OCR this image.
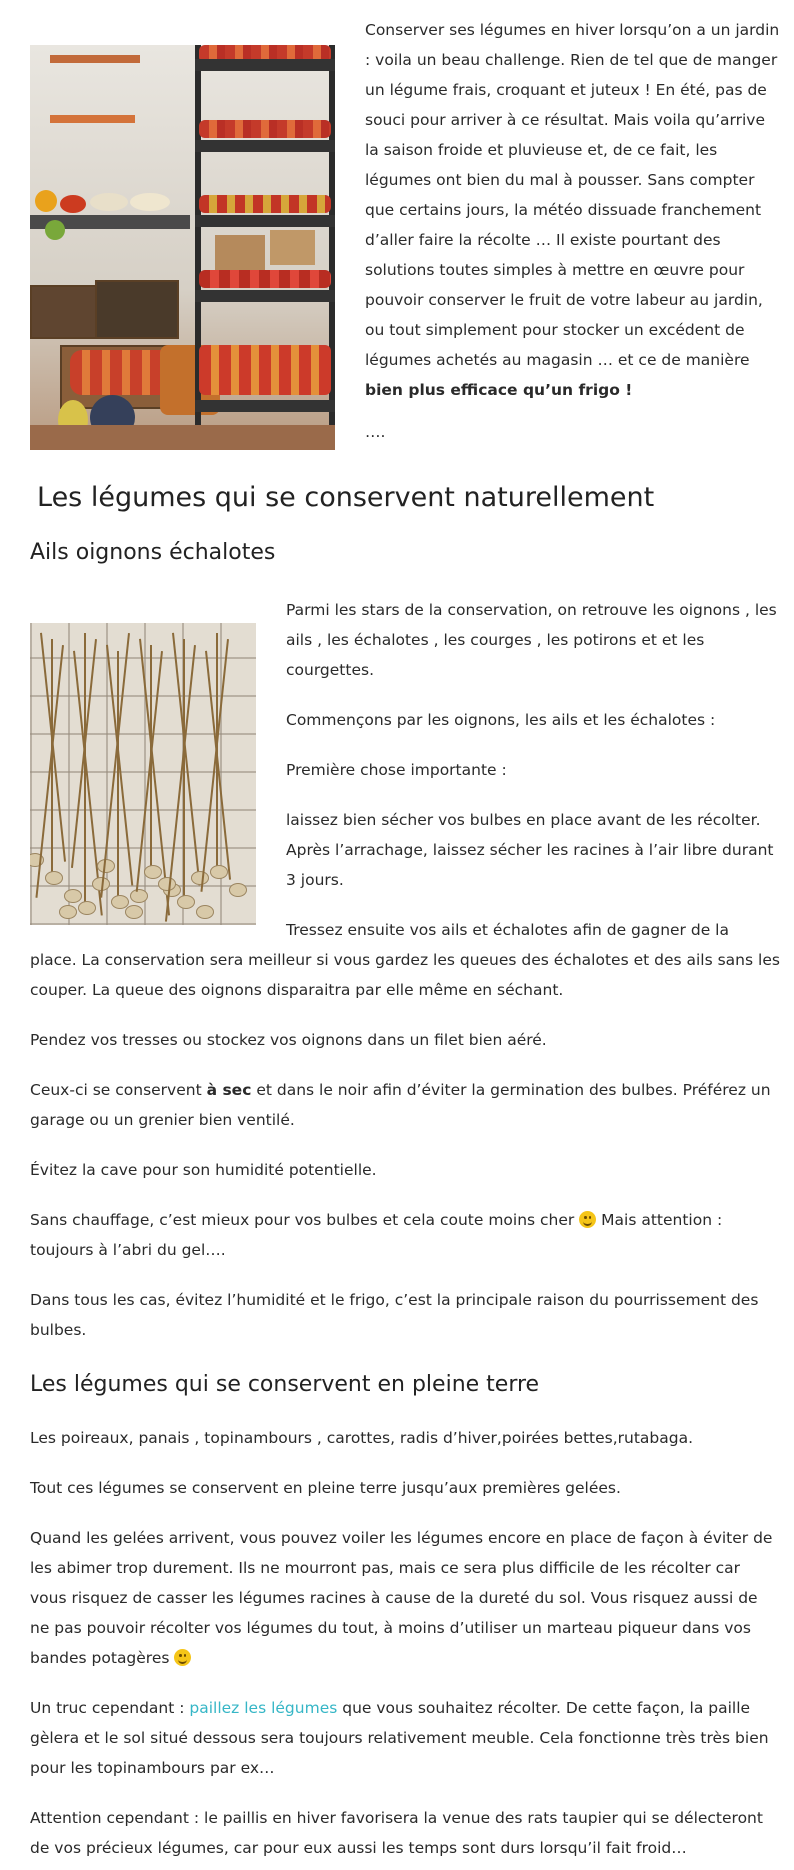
Conserver ses légumes en hiver lorsqu’on a un jardin : voila un beau challenge. Rien de tel que de manger un légume frais, croquant et juteux ! En été, pas de souci pour arriver à ce résultat. Mais voila qu’arrive la saison froide et pluvieuse et, de ce fait, les légumes ont bien du mal à pousser. Sans compter que certains jours, la météo dissuade franchement d’aller faire la récolte … Il existe pourtant des solutions toutes simples à mettre en œuvre pour pouvoir conserver le fruit de votre labeur au jardin, ou tout simplement pour stocker un excédent de légumes achetés au magasin … et ce de manière bien plus efficace qu’un frigo !

….

Les légumes qui se conservent naturellement
Ails oignons échalotes

Parmi les stars de la conservation, on retrouve les oignons , les ails , les échalotes , les courges , les potirons et et les courgettes.

Commençons par les oignons, les ails et les échalotes :

Première chose importante :

laissez bien sécher vos bulbes en place avant de les récolter. Après l’arrachage, laissez sécher les racines à l’air libre durant 3 jours.

Tressez ensuite vos ails et échalotes afin de gagner de la place. La conservation sera meilleur si vous gardez les queues des échalotes et des ails sans les couper. La queue des oignons disparaitra par elle même en séchant.

Pendez vos tresses ou stockez vos oignons dans un filet bien aéré.

Ceux-ci se conservent à sec et dans le noir afin d’éviter la germination des bulbes. Préférez un garage ou un grenier bien ventilé.

Évitez la cave pour son humidité potentielle.

Sans chauffage, c’est mieux pour vos bulbes et cela coute moins cher
Mais attention : toujours à l’abri du gel….

Dans tous les cas, évitez l’humidité et le frigo, c’est la principale raison du pourrissement des bulbes.

Les légumes qui se conservent en pleine terre

Les poireaux, panais , topinambours , carottes, radis d’hiver,poirées bettes,rutabaga.

Tout ces légumes se conservent en pleine terre jusqu’aux premières gelées.

Quand les gelées arrivent, vous pouvez voiler les légumes encore en place de façon à éviter de les abimer trop durement. Ils ne mourront pas, mais ce sera plus difficile de les récolter car vous risquez de casser les légumes racines à cause de la dureté du sol. Vous risquez aussi de ne pas pouvoir récolter vos légumes du tout, à moins d’utiliser un marteau piqueur dans vos bandes potagères

Un truc cependant : paillez les légumes que vous souhaitez récolter. De cette façon, la paille gèlera et le sol situé dessous sera toujours relativement meuble. Cela fonctionne très très bien pour les topinambours par ex…

Attention cependant : le paillis en hiver favorisera la venue des rats taupier qui se délecteront de vos précieux légumes, car pour eux aussi les temps sont durs lorsqu’il fait froid…
